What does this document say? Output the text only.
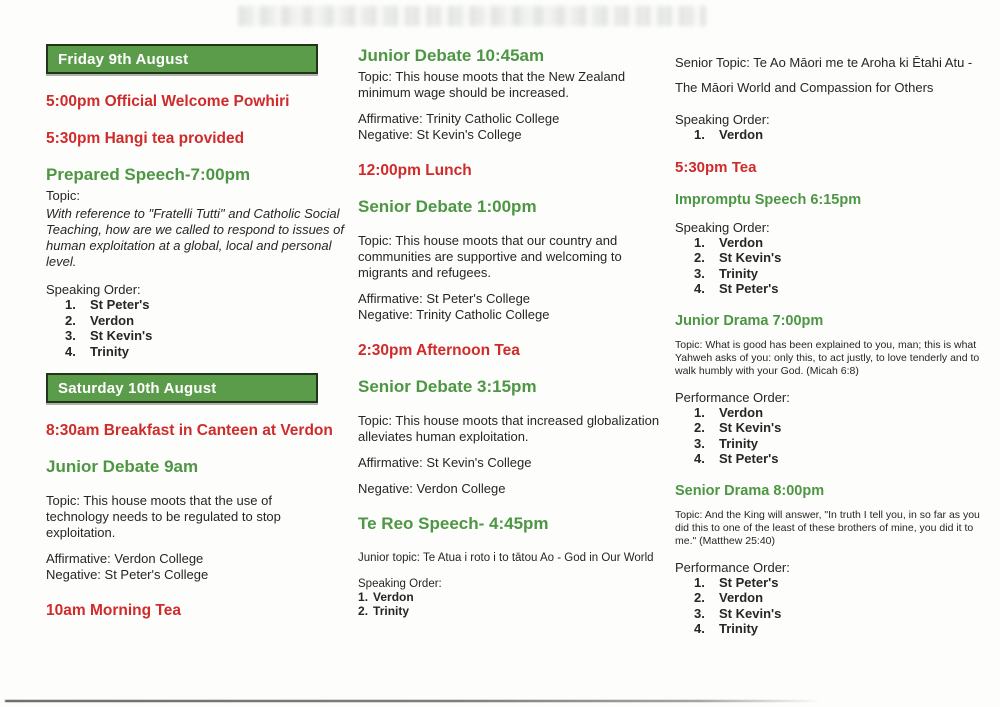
Friday 9th August
5:00pm Official Welcome Powhiri
5:30pm Hangi tea provided
Prepared Speech-7:00pm
Topic:
With reference to "Fratelli Tutti" and Catholic Social
Teaching, how are we called to respond to issues of
human exploitation at a global, local and personal
level.
Speaking Order:
St Peter's
Verdon
St Kevin's
Trinity
Saturday 10th August
8:30am Breakfast in Canteen at Verdon
Junior Debate 9am
Topic: This house moots that the use of
technology needs to be regulated to stop
exploitation.
Affirmative: Verdon College
Negative: St Peter's College
10am Morning Tea
Junior Debate 10:45am
Topic: This house moots that the New Zealand
minimum wage should be increased.
Affirmative: Trinity Catholic College
Negative: St Kevin's College
12:00pm Lunch
Senior Debate 1:00pm
Topic: This house moots that our country and
communities are supportive and welcoming to
migrants and refugees.
Affirmative: St Peter's College
Negative: Trinity Catholic College
2:30pm Afternoon Tea
Senior Debate 3:15pm
Topic: This house moots that increased globalization
alleviates human exploitation.
Affirmative: St Kevin's College
Negative: Verdon College
Te Reo Speech- 4:45pm
Junior topic: Te Atua i roto i to tātou Ao - God in Our World
Speaking Order:
Verdon
Trinity
Senior Topic: Te Ao Māori me te Aroha ki Ētahi Atu -
The Māori World and Compassion for Others
Speaking Order:
Verdon
5:30pm Tea
Impromptu Speech 6:15pm
Speaking Order:
Verdon
St Kevin's
Trinity
St Peter's
Junior Drama 7:00pm
Topic: What is good has been explained to you, man; this is what
Yahweh asks of you: only this, to act justly, to love tenderly and to
walk humbly with your God. (Micah 6:8)
Performance Order:
Verdon
St Kevin's
Trinity
St Peter's
Senior Drama 8:00pm
Topic: And the King will answer, "In truth I tell you, in so far as you
did this to one of the least of these brothers of mine, you did it to
me." (Matthew 25:40)
Performance Order:
St Peter's
Verdon
St Kevin's
Trinity
